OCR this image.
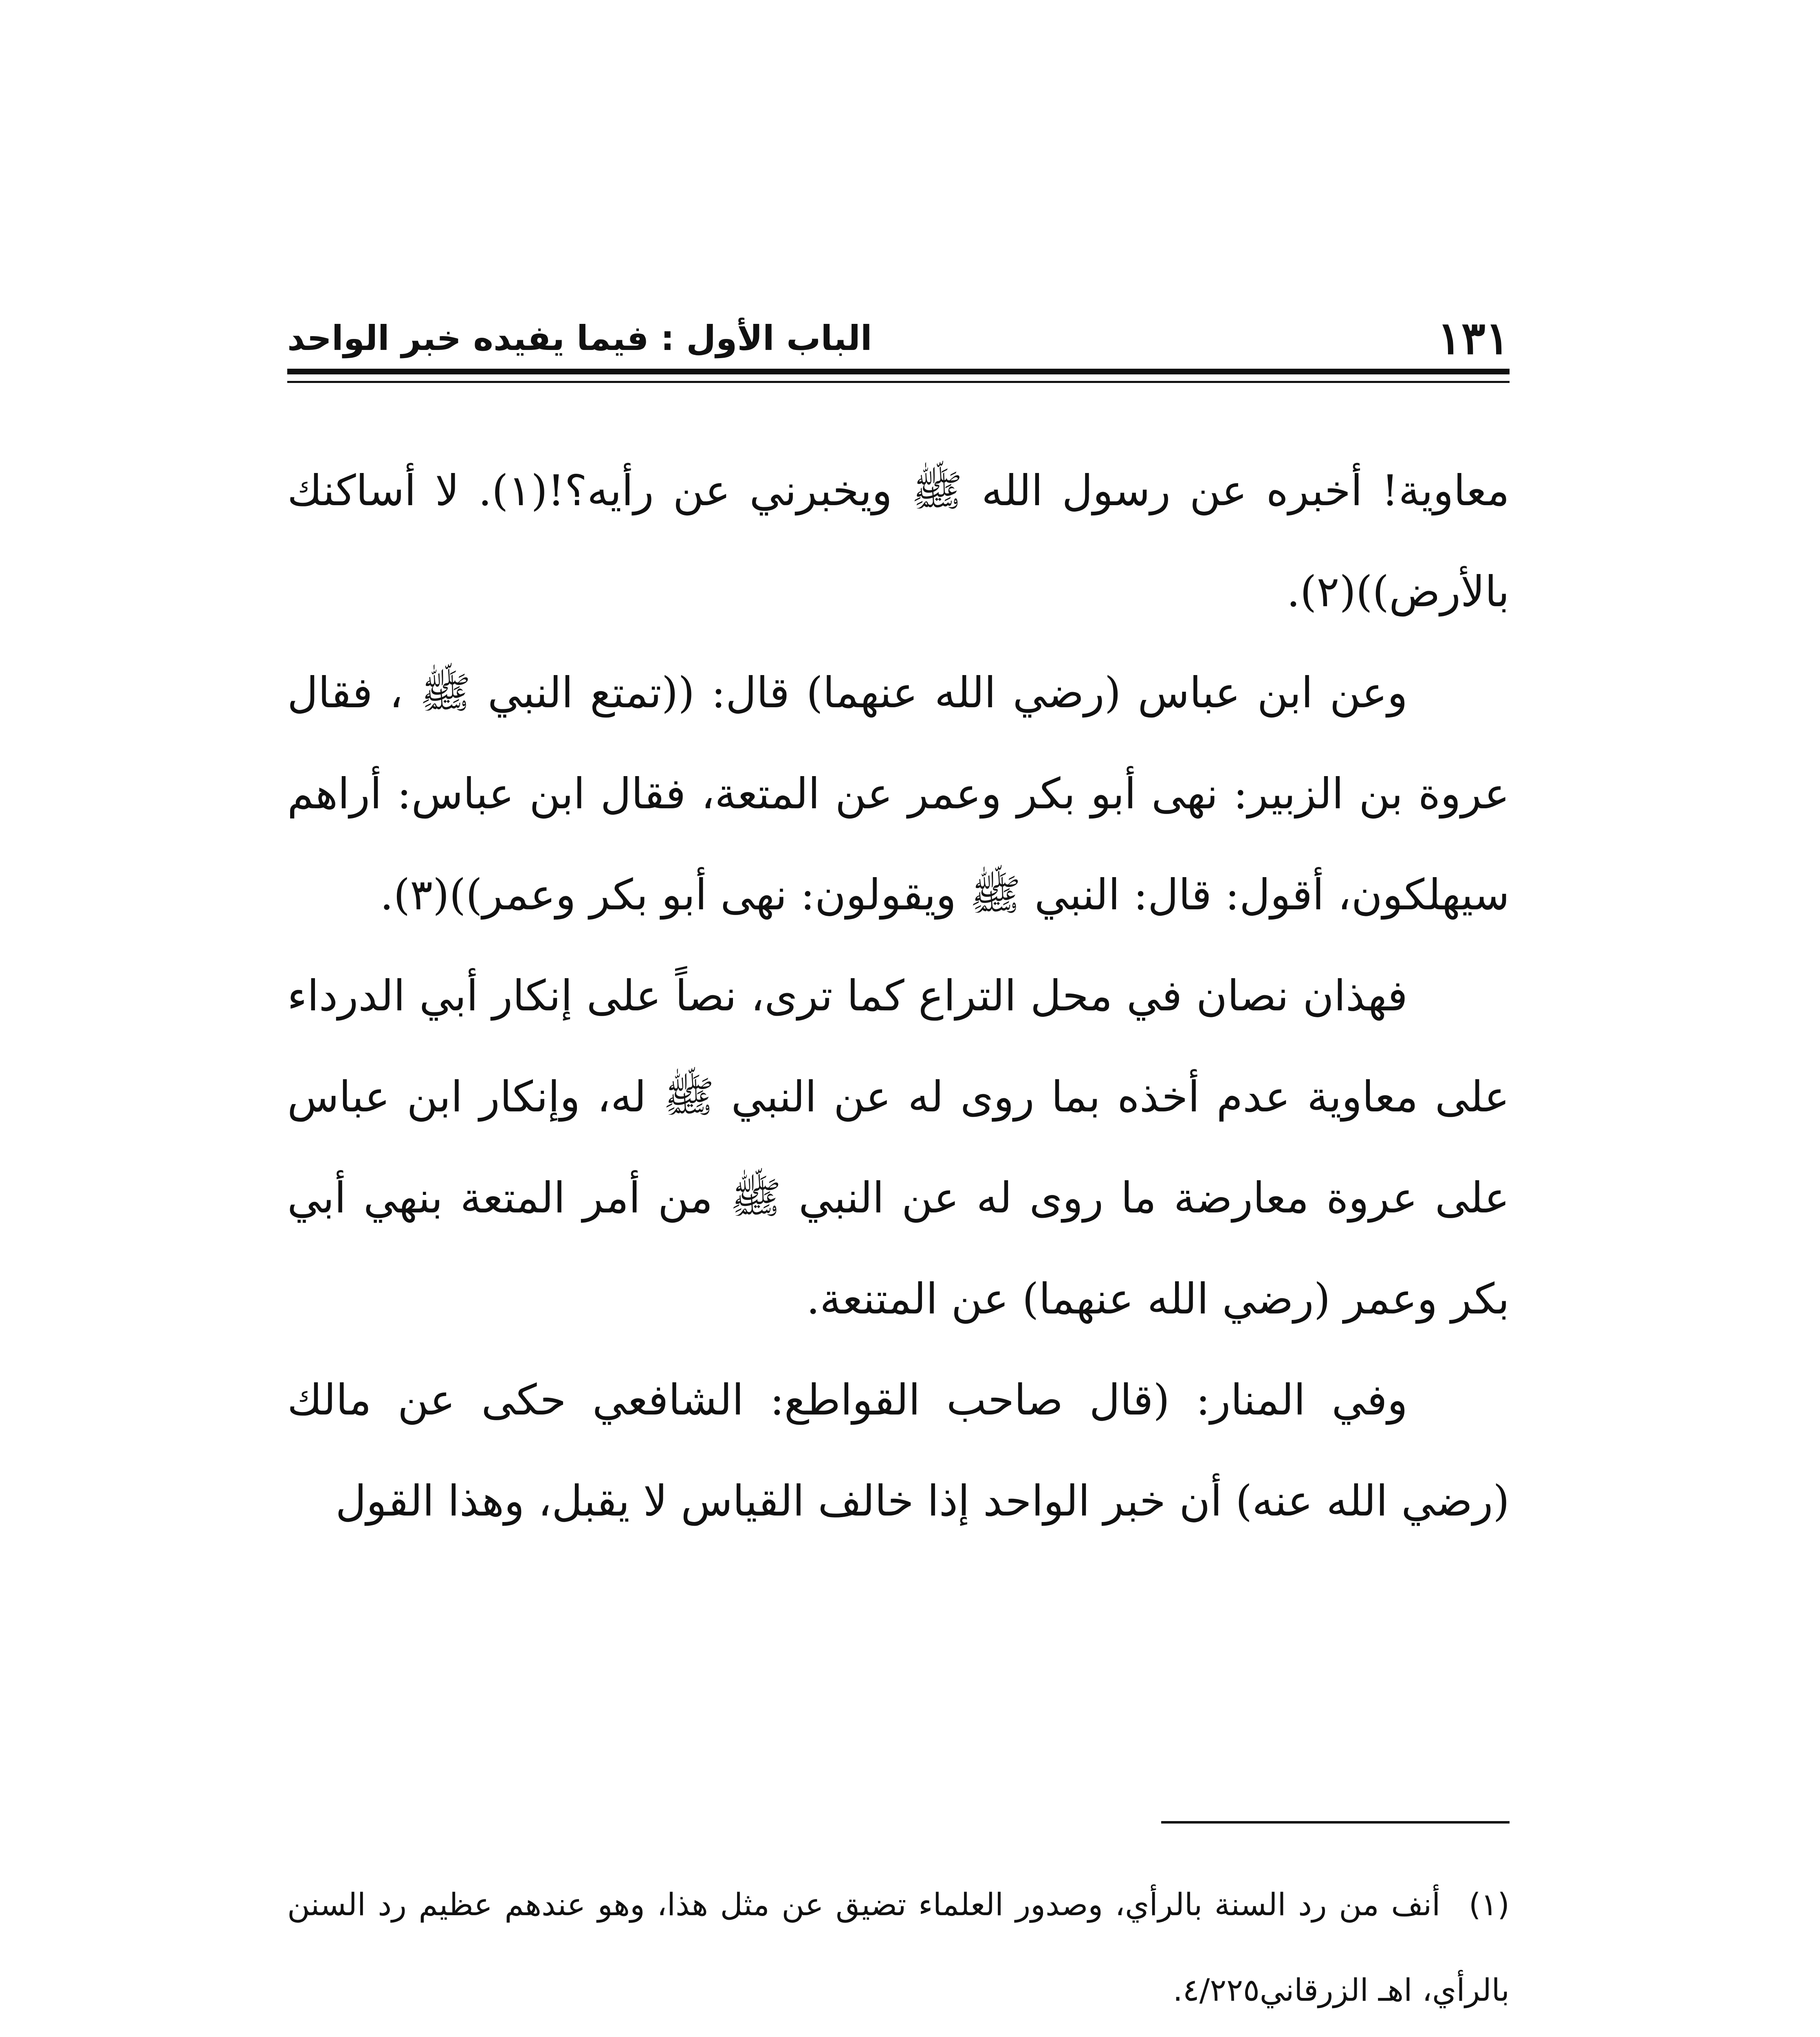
١٣١
الباب الأول : فيما يفيده خبر الواحد

معاوية! أخبره عن رسول الله ﷺ ويخبرني عن رأيه؟!(١). لا أساكنك بالأرض))(٢).

وعن ابن عباس (رضي الله عنهما) قال: ((تمتع النبي ﷺ ، فقال عروة بن الزبير: نهى أبو بكر وعمر عن المتعة، فقال ابن عباس: أراهم سيهلكون، أقول: قال: النبي ﷺ ويقولون: نهى أبو بكر وعمر))(٣).

فهذان نصان في محل التراع كما ترى، نصاً على إنكار أبي الدرداء على معاوية عدم أخذه بما روى له عن النبي ﷺ له، وإنكار ابن عباس على عروة معارضة ما روى له عن النبي ﷺ من أمر المتعة بنهي أبي بكر وعمر (رضي الله عنهما) عن المتنعة.

وفي المنار: (قال صاحب القواطع: الشافعي حكى عن مالك (رضي الله عنه) أن خبر الواحد إذا خالف القياس لا يقبل، وهذا القول

(١) أنف من رد السنة بالرأي، وصدور العلماء تضيق عن مثل هذا، وهو عندهم عظيم رد السنن بالرأي، اهـ الزرقاني٤/٢٢٥.
